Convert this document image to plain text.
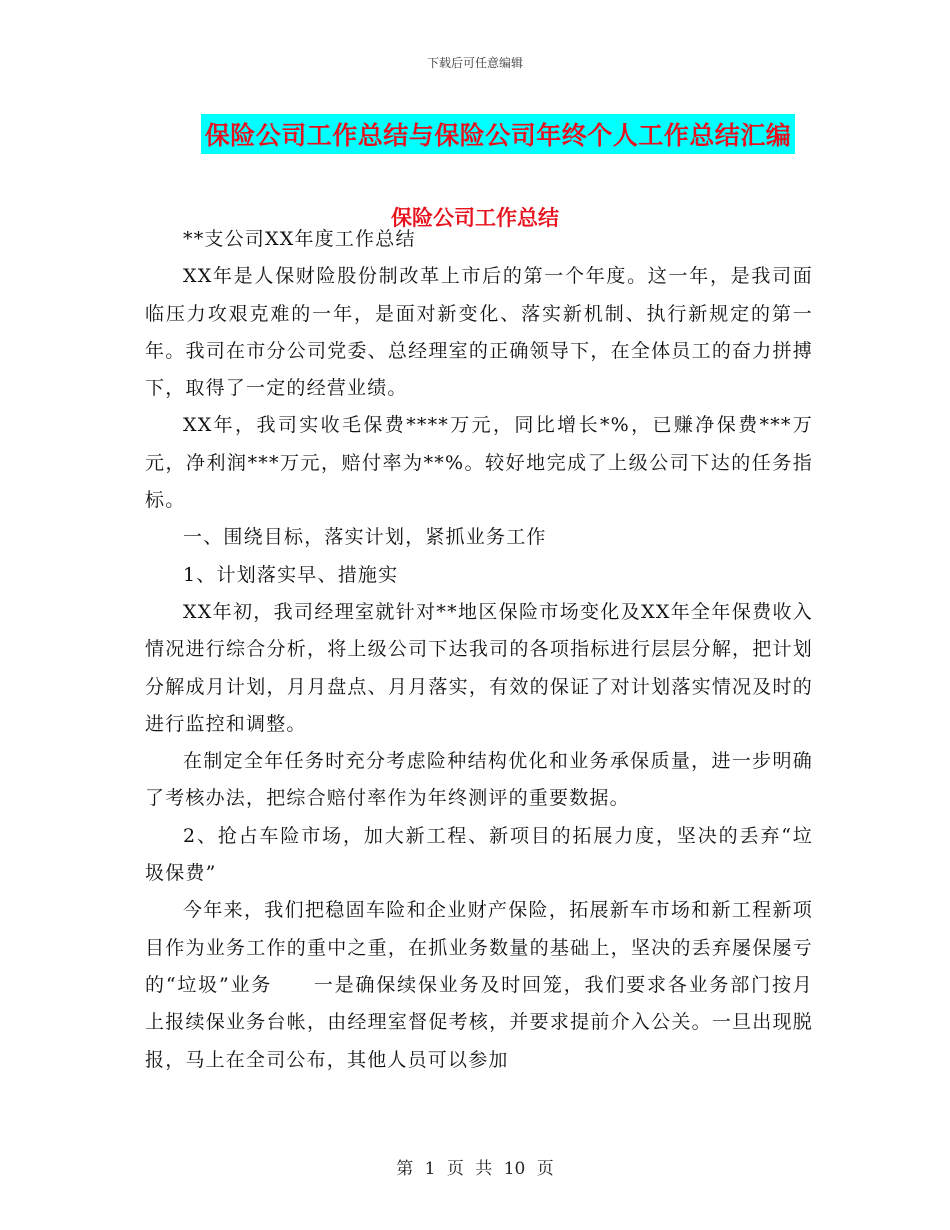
下载后可任意编辑
保险公司工作总结与保险公司年终个人工作总结汇编
保险公司工作总结

**支公司XX年度工作总结

XX年是人保财险股份制改革上市后的第一个年度。这一年，是我司面临压力攻艰克难的一年，是面对新变化、落实新机制、执行新规定的第一年。我司在市分公司党委、总经理室的正确领导下，在全体员工的奋力拼搏下，取得了一定的经营业绩。

XX年，我司实收毛保费****万元，同比增长*%，已赚净保费***万元，净利润***万元，赔付率为**%。较好地完成了上级公司下达的任务指标。

一、围绕目标，落实计划，紧抓业务工作

1、计划落实早、措施实

XX年初，我司经理室就针对**地区保险市场变化及XX年全年保费收入情况进行综合分析，将上级公司下达我司的各项指标进行层层分解，把计划分解成月计划，月月盘点、月月落实，有效的保证了对计划落实情况及时的进行监控和调整。

在制定全年任务时充分考虑险种结构优化和业务承保质量，进一步明确了考核办法，把综合赔付率作为年终测评的重要数据。

2、抢占车险市场，加大新工程、新项目的拓展力度，坚决的丢弃“垃圾保费”

今年来，我们把稳固车险和企业财产保险，拓展新车市场和新工程新项目作为业务工作的重中之重，在抓业务数量的基础上，坚决的丢弃屡保屡亏的“垃圾”业务　　一是确保续保业务及时回笼，我们要求各业务部门按月上报续保业务台帐，由经理室督促考核，并要求提前介入公关。一旦出现脱报，马上在全司公布，其他人员可以参加

第 1 页 共 10 页
